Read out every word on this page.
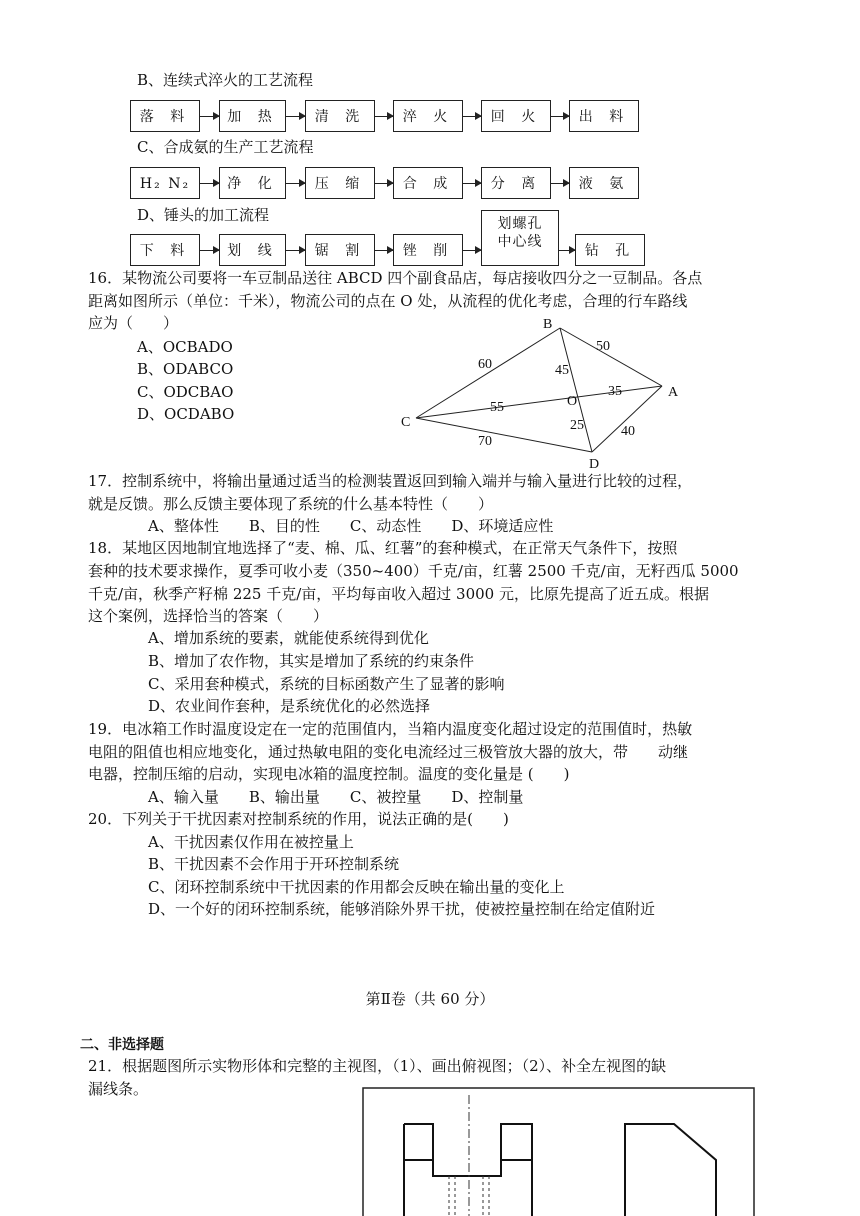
B、连续式淬火的工艺流程
落 料	加 热	清 洗	淬 火	回 火	出 料
C、合成氨的生产工艺流程
H₂ N₂	净 化	压 缩	合 成	分 离	液 氨
D、锤头的加工流程
下 料	划 线	锯 割	锉 削
划螺孔
中心线
钻 孔
16．某物流公司要将一车豆制品送往 ABCD 四个副食品店，每店接收四分之一豆制品。各点
距离如图所示（单位：千米），物流公司的点在 O 处，从流程的优化考虑，合理的行车路线
应为（　　）
A、OCBADO
B、ODABCO
C、ODCBAO
D、OCDABO
B
A
C
D
O
60
50
45
35
55
25	40
70
17．控制系统中，将输出量通过适当的检测装置返回到输入端并与输入量进行比较的过程，
就是反馈。那么反馈主要体现了系统的什么基本特性（　　）
A、整体性　　B、目的性　　C、动态性　　D、环境适应性
18．某地区因地制宜地选择了“麦、棉、瓜、红薯”的套种模式，在正常天气条件下，按照
套种的技术要求操作，夏季可收小麦（350~400）千克/亩，红薯 2500 千克/亩，无籽西瓜 5000
千克/亩，秋季产籽棉 225 千克/亩，平均每亩收入超过 3000 元，比原先提高了近五成。根据
这个案例，选择恰当的答案（　　）
A、增加系统的要素，就能使系统得到优化
B、增加了农作物，其实是增加了系统的约束条件
C、采用套种模式，系统的目标函数产生了显著的影响
D、农业间作套种，是系统优化的必然选择
19．电冰箱工作时温度设定在一定的范围值内，当箱内温度变化超过设定的范围值时，热敏
电阻的阻值也相应地变化，通过热敏电阻的变化电流经过三极管放大器的放大，带　　动继
电器，控制压缩的启动，实现电冰箱的温度控制。温度的变化量是 (　　)
A、输入量　　B、输出量　　C、被控量　　D、控制量
20．下列关于干扰因素对控制系统的作用，说法正确的是(　　)
A、干扰因素仅作用在被控量上
B、干扰因素不会作用于开环控制系统
C、闭环控制系统中干扰因素的作用都会反映在输出量的变化上
D、一个好的闭环控制系统，能够消除外界干扰，使被控量控制在给定值附近
第Ⅱ卷（共 60 分）
二、非选择题
21．根据题图所示实物形体和完整的主视图，（1）、画出俯视图；（2）、补全左视图的缺
漏线条。
